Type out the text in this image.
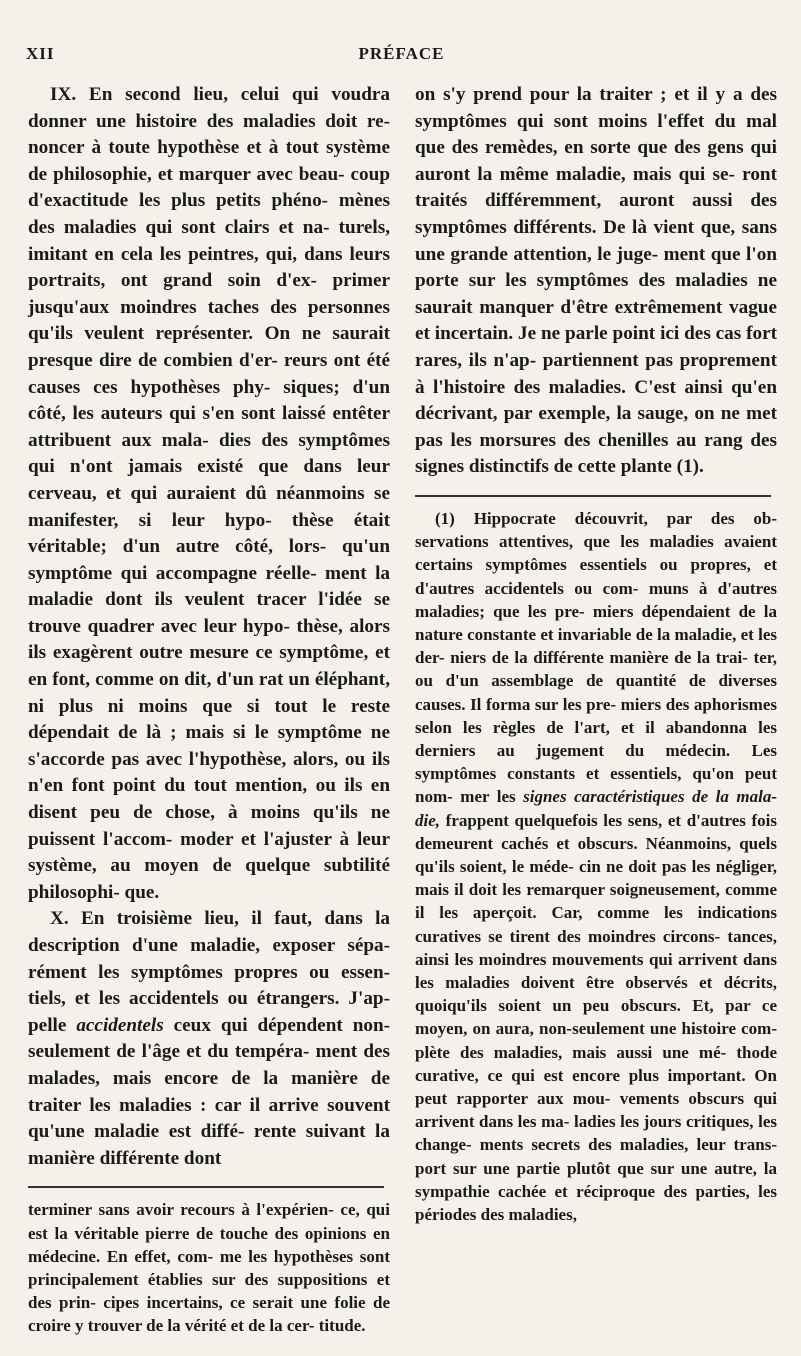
XII	PRÉFACE

IX. En second lieu, celui qui voudra donner une histoire des maladies doit re- noncer à toute hypothèse et à tout système de philosophie, et marquer avec beau- coup d'exactitude les plus petits phéno- mènes des maladies qui sont clairs et na- turels, imitant en cela les peintres, qui, dans leurs portraits, ont grand soin d'ex- primer jusqu'aux moindres taches des personnes qu'ils veulent représenter. On ne saurait presque dire de combien d'er- reurs ont été causes ces hypothèses phy- siques; d'un côté, les auteurs qui s'en sont laissé entêter attribuent aux mala- dies des symptômes qui n'ont jamais existé que dans leur cerveau, et qui auraient dû néanmoins se manifester, si leur hypo- thèse était véritable; d'un autre côté, lors- qu'un symptôme qui accompagne réelle- ment la maladie dont ils veulent tracer l'idée se trouve quadrer avec leur hypo- thèse, alors ils exagèrent outre mesure ce symptôme, et en font, comme on dit, d'un rat un éléphant, ni plus ni moins que si tout le reste dépendait de là ; mais si le symptôme ne s'accorde pas avec l'hypothèse, alors, ou ils n'en font point du tout mention, ou ils en disent peu de chose, à moins qu'ils ne puissent l'accom- moder et l'ajuster à leur système, au moyen de quelque subtilité philosophi- que.

X. En troisième lieu, il faut, dans la description d'une maladie, exposer sépa- rément les symptômes propres ou essen- tiels, et les accidentels ou étrangers. J'ap- pelle accidentels ceux qui dépendent non-seulement de l'âge et du tempéra- ment des malades, mais encore de la manière de traiter les maladies : car il arrive souvent qu'une maladie est diffé- rente suivant la manière différente dont

terminer sans avoir recours à l'expérien- ce, qui est la véritable pierre de touche des opinions en médecine. En effet, com- me les hypothèses sont principalement établies sur des suppositions et des prin- cipes incertains, ce serait une folie de croire y trouver de la vérité et de la cer- titude.

on s'y prend pour la traiter ; et il y a des symptômes qui sont moins l'effet du mal que des remèdes, en sorte que des gens qui auront la même maladie, mais qui se- ront traités différemment, auront aussi des symptômes différents. De là vient que, sans une grande attention, le juge- ment que l'on porte sur les symptômes des maladies ne saurait manquer d'être extrêmement vague et incertain. Je ne parle point ici des cas fort rares, ils n'ap- partiennent pas proprement à l'histoire des maladies. C'est ainsi qu'en décrivant, par exemple, la sauge, on ne met pas les morsures des chenilles au rang des signes distinctifs de cette plante (1).

(1) Hippocrate découvrit, par des ob- servations attentives, que les maladies avaient certains symptômes essentiels ou propres, et d'autres accidentels ou com- muns à d'autres maladies; que les pre- miers dépendaient de la nature constante et invariable de la maladie, et les der- niers de la différente manière de la trai- ter, ou d'un assemblage de quantité de diverses causes. Il forma sur les pre- miers des aphorismes selon les règles de l'art, et il abandonna les derniers au jugement du médecin. Les symptômes constants et essentiels, qu'on peut nom- mer les signes caractéristiques de la mala- die, frappent quelquefois les sens, et d'autres fois demeurent cachés et obscurs. Néanmoins, quels qu'ils soient, le méde- cin ne doit pas les négliger, mais il doit les remarquer soigneusement, comme il les aperçoit. Car, comme les indications curatives se tirent des moindres circons- tances, ainsi les moindres mouvements qui arrivent dans les maladies doivent être observés et décrits, quoiqu'ils soient un peu obscurs. Et, par ce moyen, on aura, non-seulement une histoire com- plète des maladies, mais aussi une mé- thode curative, ce qui est encore plus important. On peut rapporter aux mou- vements obscurs qui arrivent dans les ma- ladies les jours critiques, les change- ments secrets des maladies, leur trans- port sur une partie plutôt que sur une autre, la sympathie cachée et réciproque des parties, les périodes des maladies,
